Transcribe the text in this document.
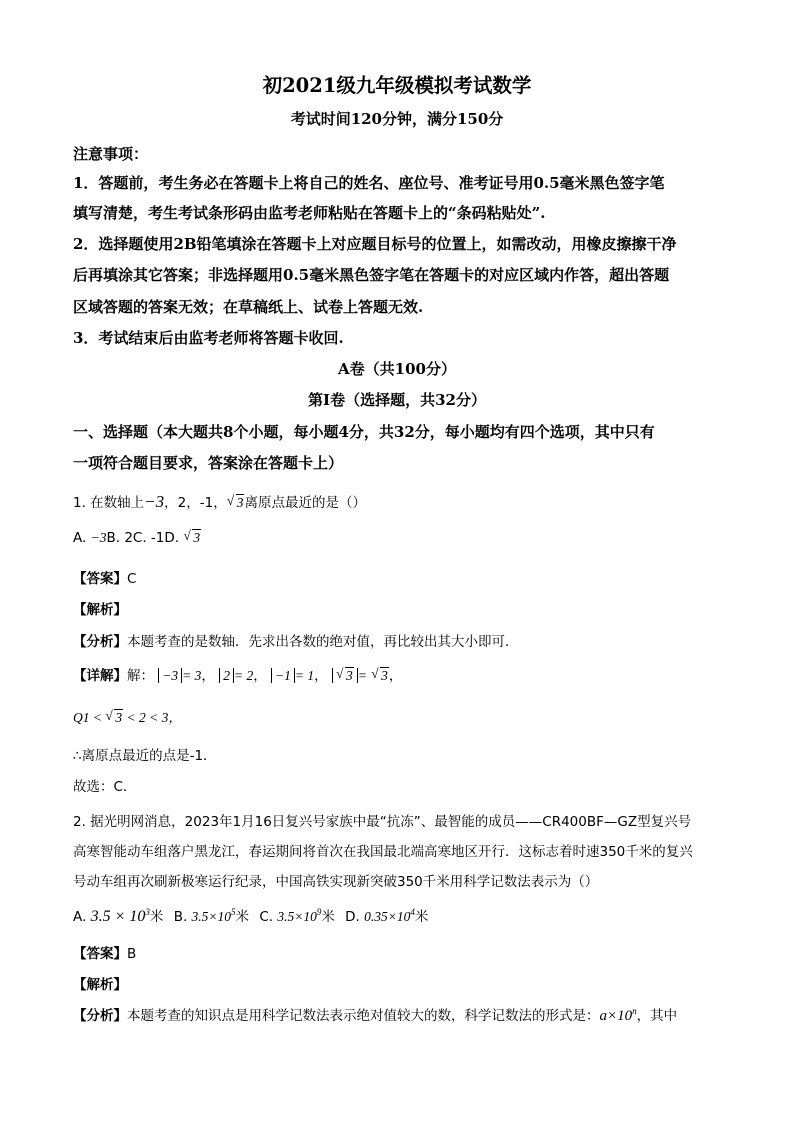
初2021级九年级模拟考试数学
考试时间120分钟，满分150分
注意事项：
1．答题前，考生务必在答题卡上将自己的姓名、座位号、准考证号用0.5毫米黑色签字笔
填写清楚，考生考试条形码由监考老师粘贴在答题卡上的“条码粘贴处”.
2．选择题使用2B铅笔填涂在答题卡上对应题目标号的位置上，如需改动，用橡皮擦擦干净
后再填涂其它答案；非选择题用0.5毫米黑色签字笔在答题卡的对应区域内作答，超出答题
区域答题的答案无效；在草稿纸上、试卷上答题无效.
3．考试结束后由监考老师将答题卡收回.
A卷（共100分）
第I卷（选择题，共32分）
一、选择题（本大题共8个小题，每小题4分，共32分，每小题均有四个选项，其中只有
一项符合题目要求，答案涂在答题卡上）
1. 在数轴上−3，2，-1， √ 3离原点最近的是（）
A. −3B. 2C. -1D. √ 3
【答案】C
【解析】
【分析】本题考查的是数轴．先求出各数的绝对值，再比较出其大小即可．
【详解】解： −3 = 3， 2 = 2， −1 = 1， √ 3 = √ 3，
Q1 < √ 3 < 2 < 3，
∴离原点最近的点是-1．
故选：C．
2. 据光明网消息，2023年1月16日复兴号家族中最“抗冻”、最智能的成员——CR400BF—GZ型复兴号
高寒智能动车组落户黑龙江，春运期间将首次在我国最北端高寒地区开行．这标志着时速350千米的复兴
号动车组再次刷新极寒运行纪录，中国高铁实现新突破350千米用科学记数法表示为（）
A. $3.5 \times 10^3$米 B. $3.5\times 10^5$米 C. $3.5\times 10^9$米 D. $0.35\times 10^4$米
【答案】B
【解析】
【分析】本题考查的知识点是用科学记数法表示绝对值较大的数，科学记数法的形式是：$a\times 10^n$，其中
